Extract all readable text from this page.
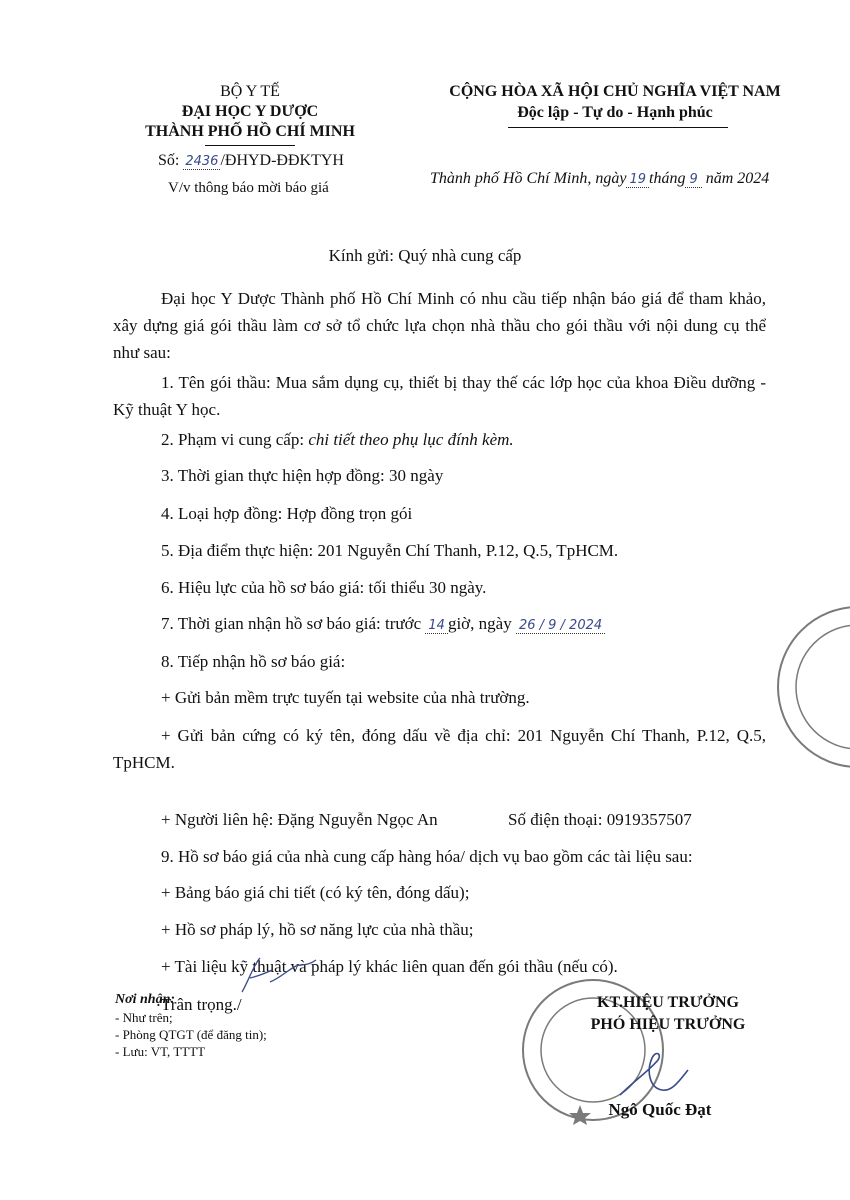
BỘ Y TẾ
ĐẠI HỌC Y DƯỢC
THÀNH PHỐ HỒ CHÍ MINH
Số: 2436 /ĐHYD-ĐĐKTYH
V/v thông báo mời báo giá
CỘNG HÒA XÃ HỘI CHỦ NGHĨA VIỆT NAM
Độc lập - Tự do - Hạnh phúc
Thành phố Hồ Chí Minh, ngày 19 tháng 9 năm 2024
Kính gửi: Quý nhà cung cấp
Đại học Y Dược Thành phố Hồ Chí Minh có nhu cầu tiếp nhận báo giá để tham khảo, xây dựng giá gói thầu làm cơ sở tổ chức lựa chọn nhà thầu cho gói thầu với nội dung cụ thể như sau:
1. Tên gói thầu: Mua sắm dụng cụ, thiết bị thay thế các lớp học của khoa Điều dưỡng -Kỹ thuật Y học.
2. Phạm vi cung cấp: chi tiết theo phụ lục đính kèm.
3. Thời gian thực hiện hợp đồng: 30 ngày
4. Loại hợp đồng: Hợp đồng trọn gói
5. Địa điểm thực hiện: 201 Nguyễn Chí Thanh, P.12, Q.5, TpHCM.
6. Hiệu lực của hồ sơ báo giá: tối thiểu 30 ngày.
7. Thời gian nhận hồ sơ báo giá: trước 14 giờ, ngày 26 / 9 / 2024
8. Tiếp nhận hồ sơ báo giá:
+ Gửi bản mềm trực tuyến tại website của nhà trường.
+ Gửi bản cứng có ký tên, đóng dấu về địa chỉ: 201 Nguyễn Chí Thanh, P.12, Q.5, TpHCM.
+ Người liên hệ: Đặng Nguyễn Ngọc An	Số điện thoại: 0919357507
9. Hồ sơ báo giá của nhà cung cấp hàng hóa/ dịch vụ bao gồm các tài liệu sau:
+ Bảng báo giá chi tiết (có ký tên, đóng dấu);
+ Hồ sơ pháp lý, hồ sơ năng lực của nhà thầu;
+ Tài liệu kỹ thuật và pháp lý khác liên quan đến gói thầu (nếu có).
Trân trọng./
Nơi nhận:
- Như trên;
- Phòng QTGT (để đăng tin);
- Lưu: VT, TTTT
KT.HIỆU TRƯỞNG
PHÓ HIỆU TRƯỞNG
Ngô Quốc Đạt
